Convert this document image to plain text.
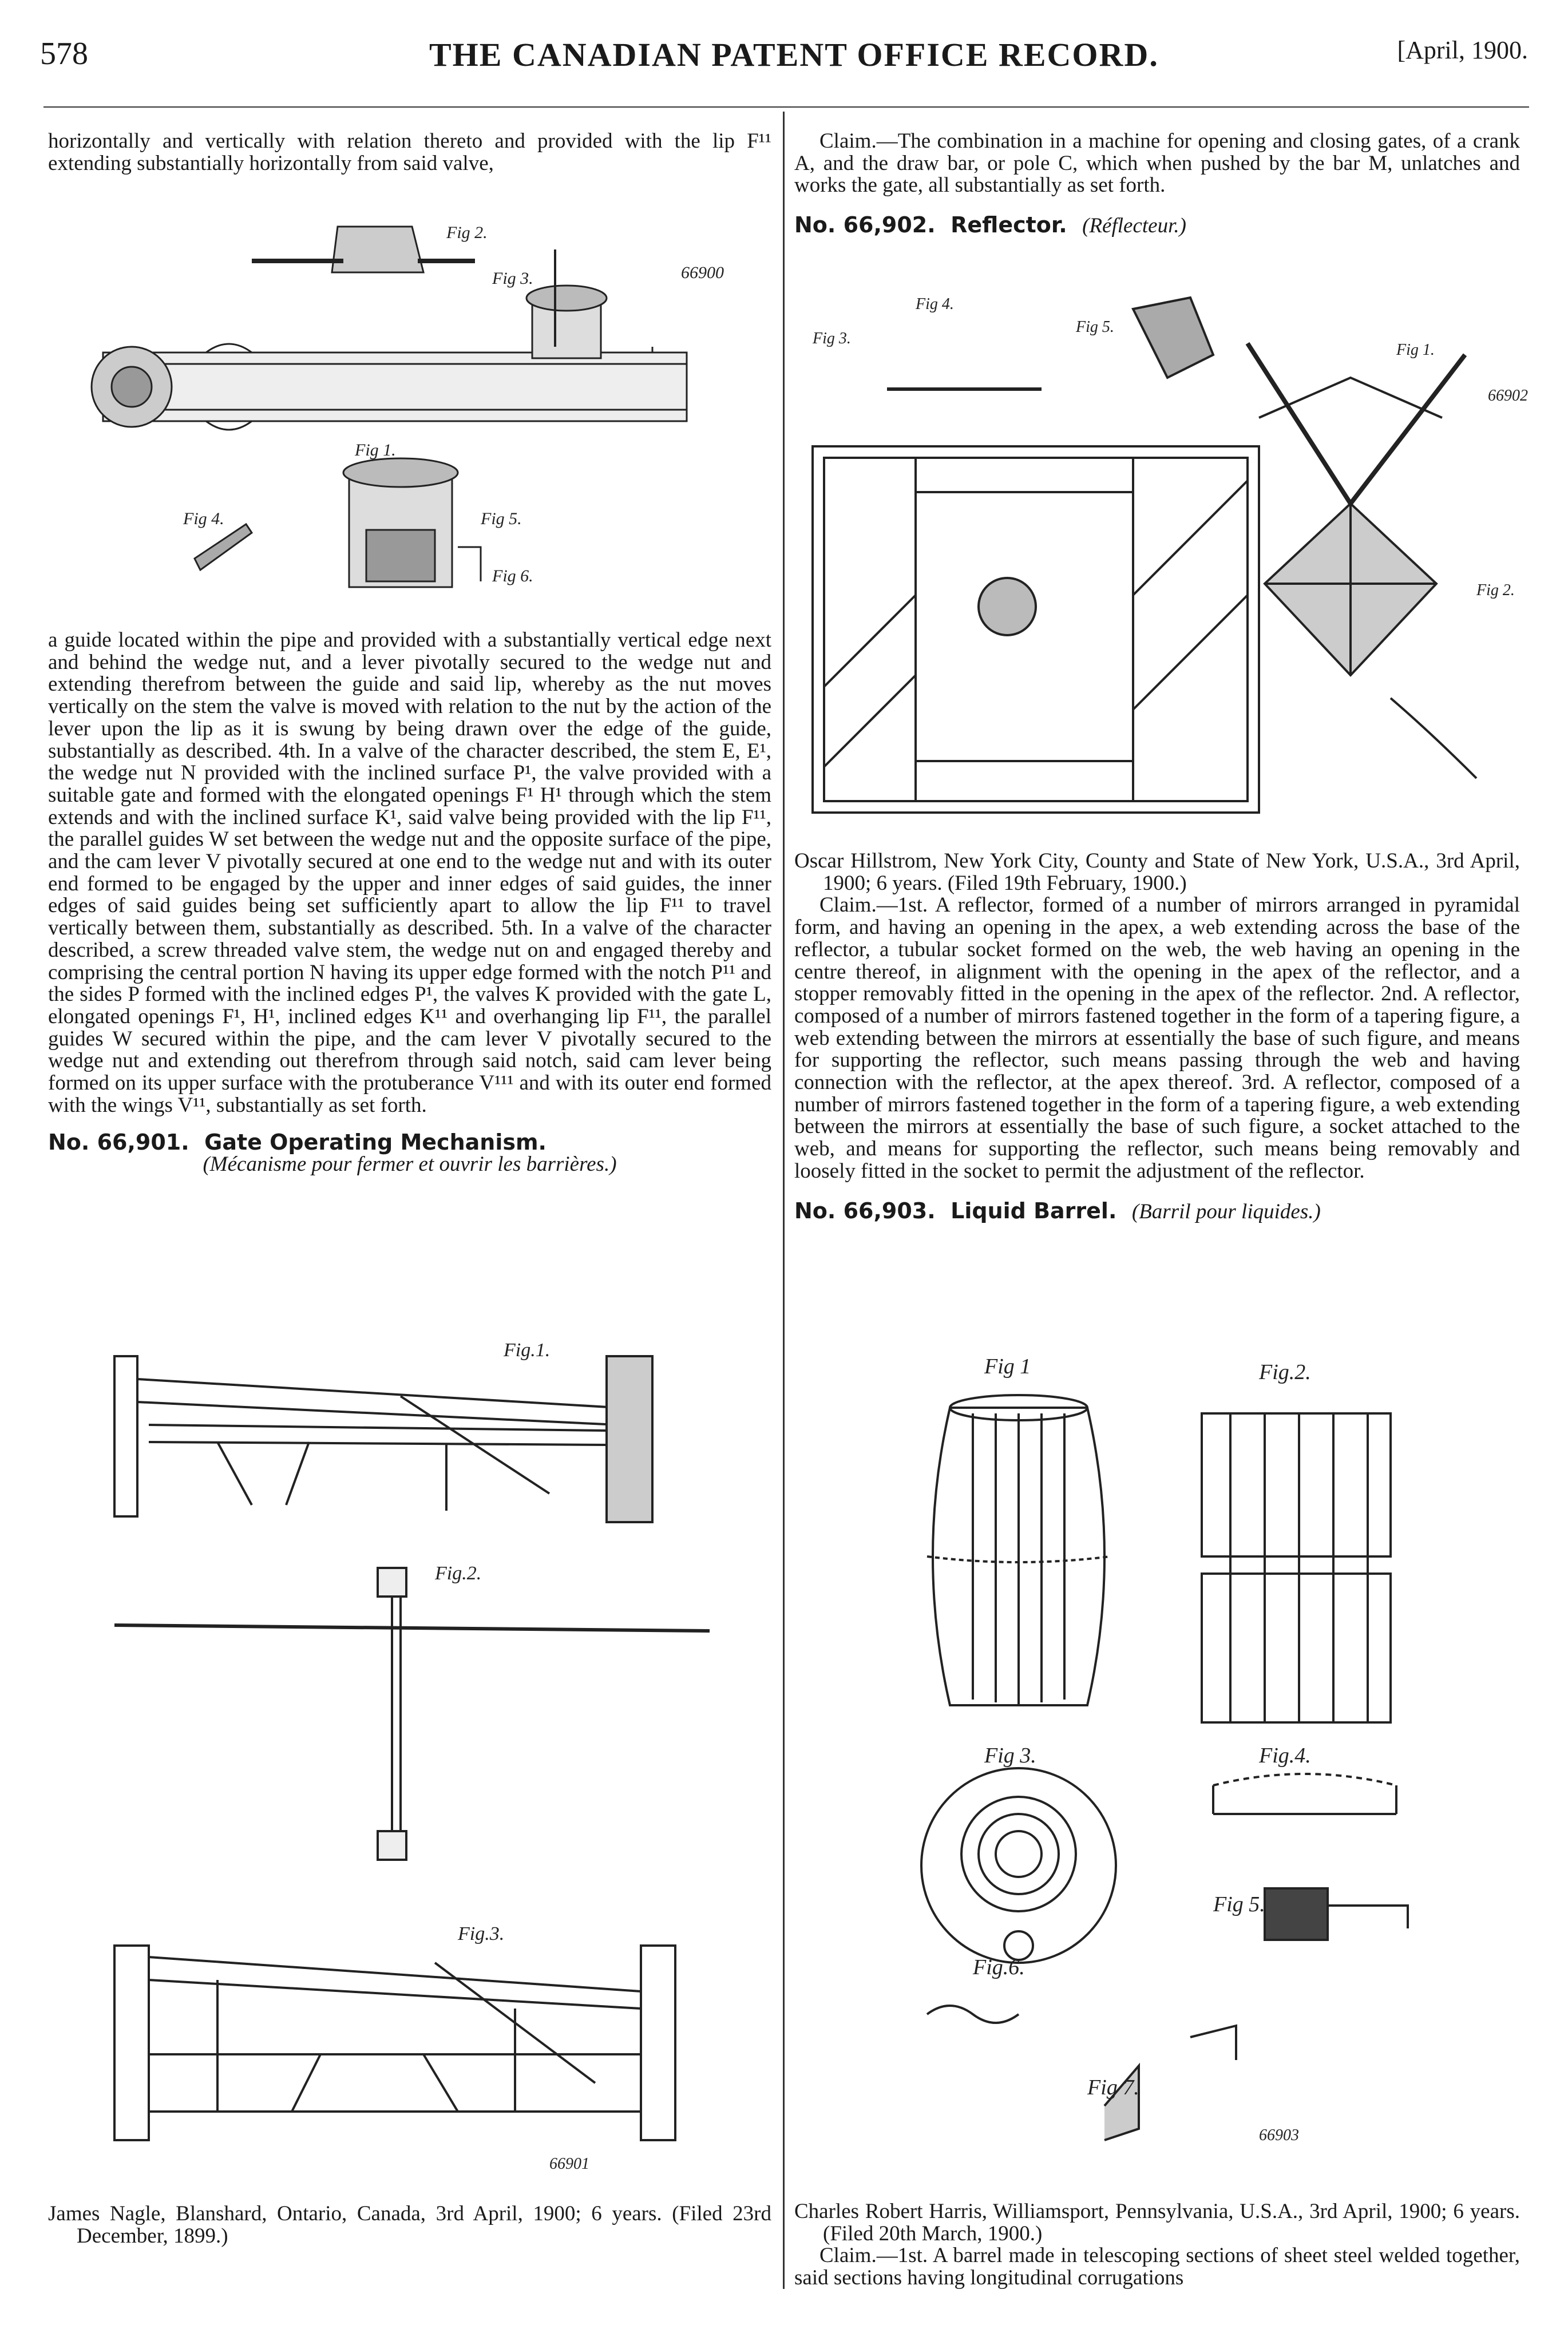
578	THE CANADIAN PATENT OFFICE RECORD.	[April, 1900.

horizontally and vertically with relation thereto and provided with the lip F¹¹ extending substantially horizontally from said valve,

Fig 2.
Fig 3.
Fig 4.
Fig 1.
Fig 5.
Fig 6.
66900

a guide located within the pipe and provided with a substantially vertical edge next and behind the wedge nut, and a lever pivotally secured to the wedge nut and extending therefrom between the guide and said lip, whereby as the nut moves vertically on the stem the valve is moved with relation to the nut by the action of the lever upon the lip as it is swung by being drawn over the edge of the guide, substantially as described. 4th. In a valve of the character described, the stem E, E¹, the wedge nut N provided with the inclined surface P¹, the valve provided with a suitable gate and formed with the elongated openings F¹ H¹ through which the stem extends and with the inclined surface K¹, said valve being provided with the lip F¹¹, the parallel guides W set between the wedge nut and the opposite surface of the pipe, and the cam lever V pivotally secured at one end to the wedge nut and with its outer end formed to be engaged by the upper and inner edges of said guides, the inner edges of said guides being set sufficiently apart to allow the lip F¹¹ to travel vertically between them, substantially as described. 5th. In a valve of the character described, a screw threaded valve stem, the wedge nut on and engaged thereby and comprising the central portion N having its upper edge formed with the notch P¹¹ and the sides P formed with the inclined edges P¹, the valves K provided with the gate L, elongated openings F¹, H¹, inclined edges K¹¹ and overhanging lip F¹¹, the parallel guides W secured within the pipe, and the cam lever V pivotally secured to the wedge nut and extending out therefrom through said notch, said cam lever being formed on its upper surface with the protuberance V¹¹¹ and with its outer end formed with the wings V¹¹, substantially as set forth.

No. 66,901. Gate Operating Mechanism.

(Mécanisme pour fermer et ouvrir les barrières.)

Fig.1.
Fig.2.
Fig.3.
66901

James Nagle, Blanshard, Ontario, Canada, 3rd April, 1900; 6 years. (Filed 23rd December, 1899.)

Claim.—The combination in a machine for opening and closing gates, of a crank A, and the draw bar, or pole C, which when pushed by the bar M, unlatches and works the gate, all substantially as set forth.

No. 66,902. Reflector. (Réflecteur.)

Fig 3.
Fig 4.
Fig 5.
Fig 1.
Fig 2.
66902

Oscar Hillstrom, New York City, County and State of New York, U.S.A., 3rd April, 1900; 6 years. (Filed 19th February, 1900.)

Claim.—1st. A reflector, formed of a number of mirrors arranged in pyramidal form, and having an opening in the apex, a web extending across the base of the reflector, a tubular socket formed on the web, the web having an opening in the centre thereof, in alignment with the opening in the apex of the reflector, and a stopper removably fitted in the opening in the apex of the reflector. 2nd. A reflector, composed of a number of mirrors fastened together in the form of a tapering figure, a web extending between the mirrors at essentially the base of such figure, and means for supporting the reflector, such means passing through the web and having connection with the reflector, at the apex thereof. 3rd. A reflector, composed of a number of mirrors fastened together in the form of a tapering figure, a web extending between the mirrors at essentially the base of such figure, a socket attached to the web, and means for supporting the reflector, such means being removably and loosely fitted in the socket to permit the adjustment of the reflector.

No. 66,903. Liquid Barrel. (Barril pour liquides.)

Fig 1	Fig.2.
Fig 3.	Fig.4.
Fig 5.
Fig.6.
Fig 7.
66903

Charles Robert Harris, Williamsport, Pennsylvania, U.S.A., 3rd April, 1900; 6 years. (Filed 20th March, 1900.)

Claim.—1st. A barrel made in telescoping sections of sheet steel welded together, said sections having longitudinal corrugations
